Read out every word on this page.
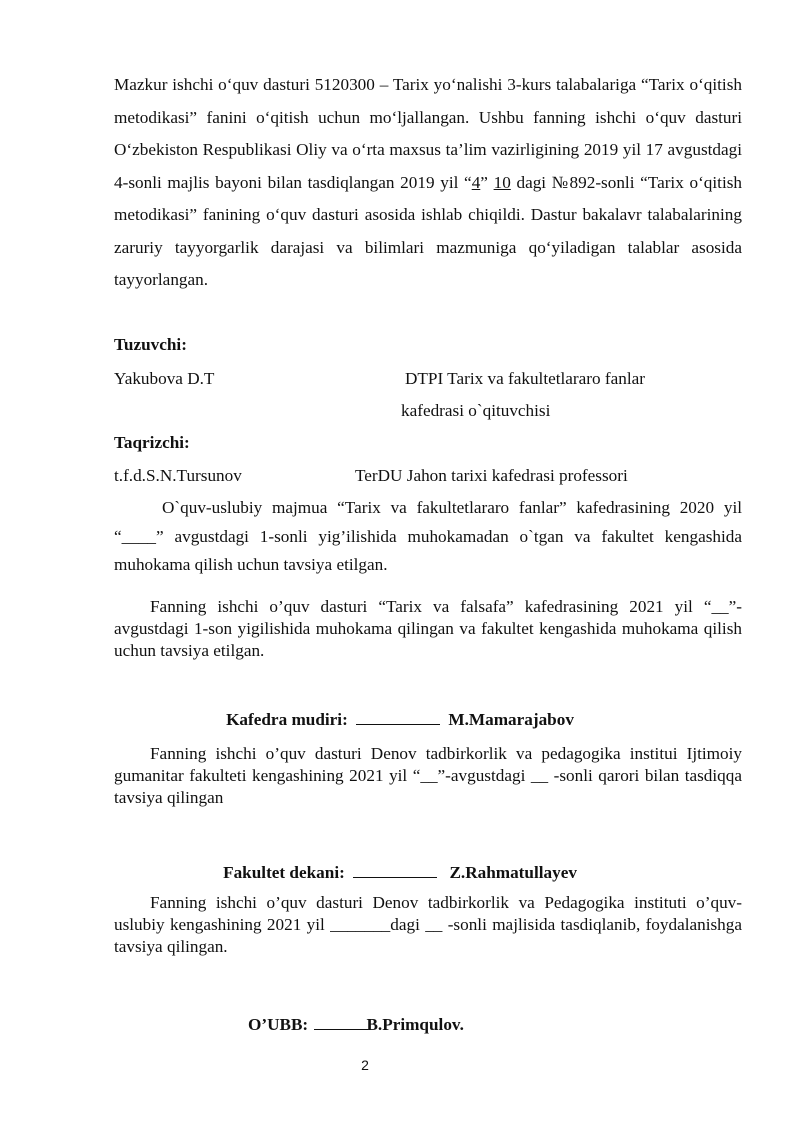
Mazkur ishchi o‘quv dasturi 5120300 – Tarix yo‘nalishi 3-kurs talabalariga “Tarix o‘qitish metodikasi” fanini o‘qitish uchun mo‘ljallangan. Ushbu fanning ishchi o‘quv dasturi O‘zbekiston Respublikasi Oliy va o‘rta maxsus ta’lim vazirligining 2019 yil 17 avgustdagi 4-sonli majlis bayoni bilan tasdiqlangan 2019 yil “4” 10 dagi №892-sonli “Tarix o‘qitish metodikasi” fanining o‘quv dasturi asosida ishlab chiqildi. Dastur bakalavr talabalarining zaruriy tayyorgarlik darajasi va bilimlari mazmuniga qo‘yiladigan talablar asosida tayyorlangan.
Tuzuvchi:
Yakubova D.T	DTPI Tarix va fakultetlararo fanlar
kafedrasi o`qituvchisi
Taqrizchi:
t.f.d.S.N.Tursunov	TerDU Jahon tarixi kafedrasi professori
O`quv-uslubiy majmua “Tarix va fakultetlararo fanlar” kafedrasining 2020 yil “____” avgustdagi 1-sonli yig’ilishida muhokamadan o`tgan va fakultet kengashida muhokama qilish uchun tavsiya etilgan.
Fanning ishchi o’quv dasturi “Tarix va falsafa” kafedrasining 2021 yil “__”-avgustdagi 1-son yigilishida muhokama qilingan va fakultet kengashida muhokama qilish uchun tavsiya etilgan.
Kafedra mudiri:	M.Mamarajabov
Fanning ishchi o’quv dasturi Denov tadbirkorlik va pedagogika institui Ijtimoiy gumanitar fakulteti kengashining 2021 yil “__”-avgustdagi __ -sonli qarori bilan tasdiqqa tavsiya qilingan
Fakultet dekani:	Z.Rahmatullayev
Fanning ishchi o’quv dasturi Denov tadbirkorlik va Pedagogika instituti o’quv-uslubiy kengashining 2021 yil _______dagi __ -sonli majlisida tasdiqlanib, foydalanishga tavsiya qilingan.
O’UBB:	B.Primqulov.
2
